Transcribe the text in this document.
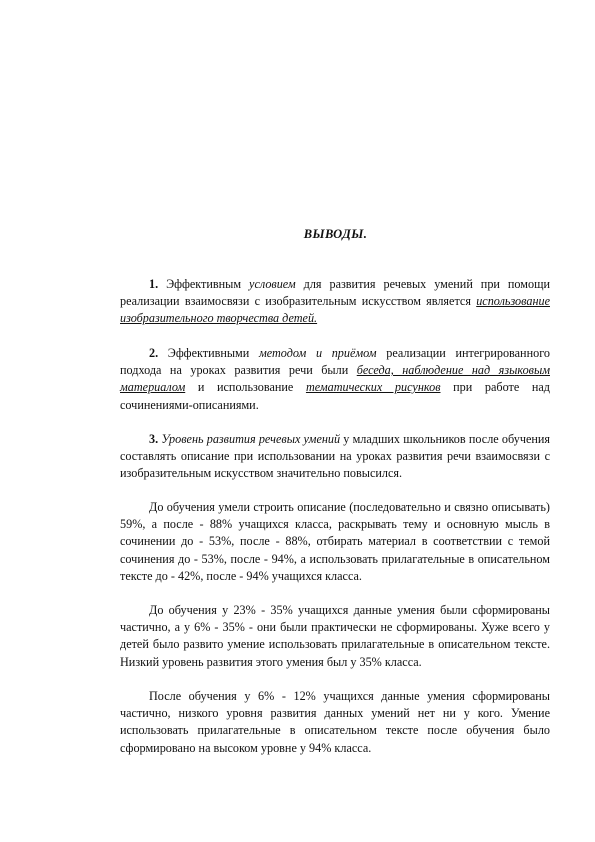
ВЫВОДЫ.

1. Эффективным условием для развития речевых умений при помощи реализации взаимосвязи с изобразительным искусством является использование изобразительного творчества детей.

2. Эффективными методом и приёмом реализации интегрированного подхода на уроках развития речи были беседа, наблюдение над языковым материалом и использование тематических рисунков при работе над сочинениями-описаниями.

3. Уровень развития речевых умений у младших школьников после обучения составлять описание при использовании на уроках развития речи взаимосвязи с изобразительным искусством значительно повысился.

До обучения умели строить описание (последовательно и связно описывать) 59%, а после - 88% учащихся класса, раскрывать тему и основную мысль в сочинении до - 53%, после - 88%, отбирать материал в соответствии с темой сочинения до - 53%, после - 94%, а использовать прилагательные в описательном тексте до - 42%, после - 94% учащихся класса.

До обучения у 23% - 35% учащихся данные умения были сформированы частично, а у 6% - 35% - они были практически не сформированы. Хуже всего у детей было развито умение использовать прилагательные в описательном тексте. Низкий уровень развития этого умения был у 35% класса.

После обучения у 6% - 12% учащихся данные умения сформированы частично, низкого уровня развития данных умений нет ни у кого. Умение использовать прилагательные в описательном тексте после обучения было сформировано на высоком уровне у 94% класса.
